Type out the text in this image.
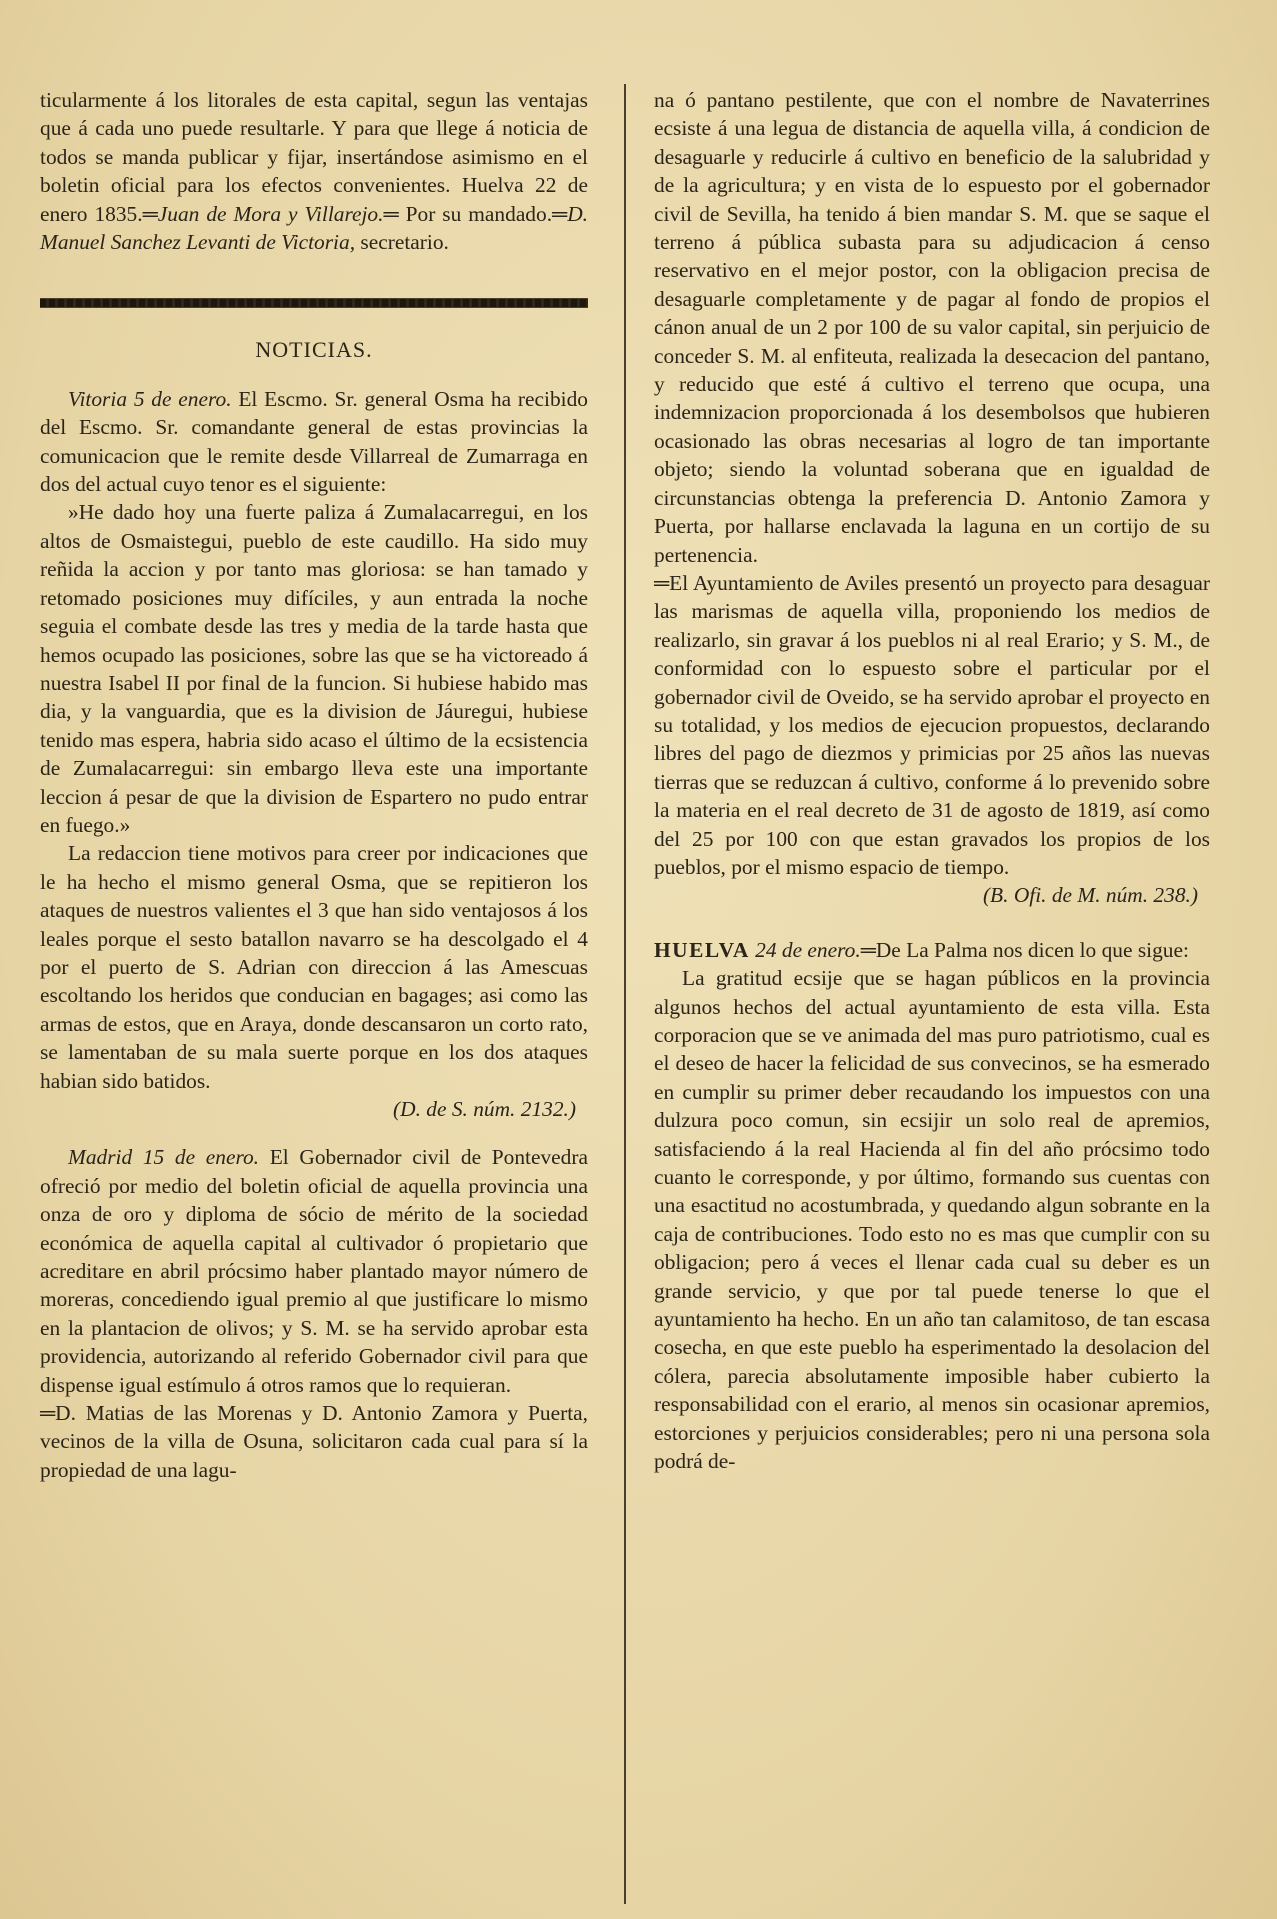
ticularmente á los litorales de esta capital, segun las ventajas que á cada uno puede resultarle. Y para que llege á noticia de todos se manda publicar y fijar, insertándose asimismo en el boletin oficial para los efectos convenientes. Huelva 22 de enero 1835.═Juan de Mora y Villarejo.═ Por su mandado.═D. Manuel Sanchez Levanti de Victoria, secretario.

NOTICIAS.

Vitoria 5 de enero. El Escmo. Sr. general Osma ha recibido del Escmo. Sr. comandante general de estas provincias la comunicacion que le remite desde Villarreal de Zumarraga en dos del actual cuyo tenor es el siguiente:

»He dado hoy una fuerte paliza á Zumalacarregui, en los altos de Osmaistegui, pueblo de este caudillo. Ha sido muy reñida la accion y por tanto mas gloriosa: se han tamado y retomado posiciones muy difíciles, y aun entrada la noche seguia el combate desde las tres y media de la tarde hasta que hemos ocupado las posiciones, sobre las que se ha victoreado á nuestra Isabel II por final de la funcion. Si hubiese habido mas dia, y la vanguardia, que es la division de Jáuregui, hubiese tenido mas espera, habria sido acaso el último de la ecsistencia de Zumalacarregui: sin embargo lleva este una importante leccion á pesar de que la division de Espartero no pudo entrar en fuego.»

La redaccion tiene motivos para creer por indicaciones que le ha hecho el mismo general Osma, que se repitieron los ataques de nuestros valientes el 3 que han sido ventajosos á los leales porque el sesto batallon navarro se ha descolgado el 4 por el puerto de S. Adrian con direccion á las Amescuas escoltando los heridos que conducian en bagages; asi como las armas de estos, que en Araya, donde descansaron un corto rato, se lamentaban de su mala suerte porque en los dos ataques habian sido batidos.

(D. de S. núm. 2132.)

Madrid 15 de enero. El Gobernador civil de Pontevedra ofreció por medio del boletin oficial de aquella provincia una onza de oro y diploma de sócio de mérito de la sociedad económica de aquella capital al cultivador ó propietario que acreditare en abril prócsimo haber plantado mayor número de moreras, concediendo igual premio al que justificare lo mismo en la plantacion de olivos; y S. M. se ha servido aprobar esta providencia, autorizando al referido Gobernador civil para que dispense igual estímulo á otros ramos que lo requieran.

═D. Matias de las Morenas y D. Antonio Zamora y Puerta, vecinos de la villa de Osuna, solicitaron cada cual para sí la propiedad de una lagu-

na ó pantano pestilente, que con el nombre de Navaterrines ecsiste á una legua de distancia de aquella villa, á condicion de desaguarle y reducirle á cultivo en beneficio de la salubridad y de la agricultura; y en vista de lo espuesto por el gobernador civil de Sevilla, ha tenido á bien mandar S. M. que se saque el terreno á pública subasta para su adjudicacion á censo reservativo en el mejor postor, con la obligacion precisa de desaguarle completamente y de pagar al fondo de propios el cánon anual de un 2 por 100 de su valor capital, sin perjuicio de conceder S. M. al enfiteuta, realizada la desecacion del pantano, y reducido que esté á cultivo el terreno que ocupa, una indemnizacion proporcionada á los desembolsos que hubieren ocasionado las obras necesarias al logro de tan importante objeto; siendo la voluntad soberana que en igualdad de circunstancias obtenga la preferencia D. Antonio Zamora y Puerta, por hallarse enclavada la laguna en un cortijo de su pertenencia.

═El Ayuntamiento de Aviles presentó un proyecto para desaguar las marismas de aquella villa, proponiendo los medios de realizarlo, sin gravar á los pueblos ni al real Erario; y S. M., de conformidad con lo espuesto sobre el particular por el gobernador civil de Oveido, se ha servido aprobar el proyecto en su totalidad, y los medios de ejecucion propuestos, declarando libres del pago de diezmos y primicias por 25 años las nuevas tierras que se reduzcan á cultivo, conforme á lo prevenido sobre la materia en el real decreto de 31 de agosto de 1819, así como del 25 por 100 con que estan gravados los propios de los pueblos, por el mismo espacio de tiempo.

(B. Ofi. de M. núm. 238.)

HUELVA 24 de enero.═De La Palma nos dicen lo que sigue:

La gratitud ecsije que se hagan públicos en la provincia algunos hechos del actual ayuntamiento de esta villa. Esta corporacion que se ve animada del mas puro patriotismo, cual es el deseo de hacer la felicidad de sus convecinos, se ha esmerado en cumplir su primer deber recaudando los impuestos con una dulzura poco comun, sin ecsijir un solo real de apremios, satisfaciendo á la real Hacienda al fin del año prócsimo todo cuanto le corresponde, y por último, formando sus cuentas con una esactitud no acostumbrada, y quedando algun sobrante en la caja de contribuciones. Todo esto no es mas que cumplir con su obligacion; pero á veces el llenar cada cual su deber es un grande servicio, y que por tal puede tenerse lo que el ayuntamiento ha hecho. En un año tan calamitoso, de tan escasa cosecha, en que este pueblo ha esperimentado la desolacion del cólera, parecia absolutamente imposible haber cubierto la responsabilidad con el erario, al menos sin ocasionar apremios, estorciones y perjuicios considerables; pero ni una persona sola podrá de-
